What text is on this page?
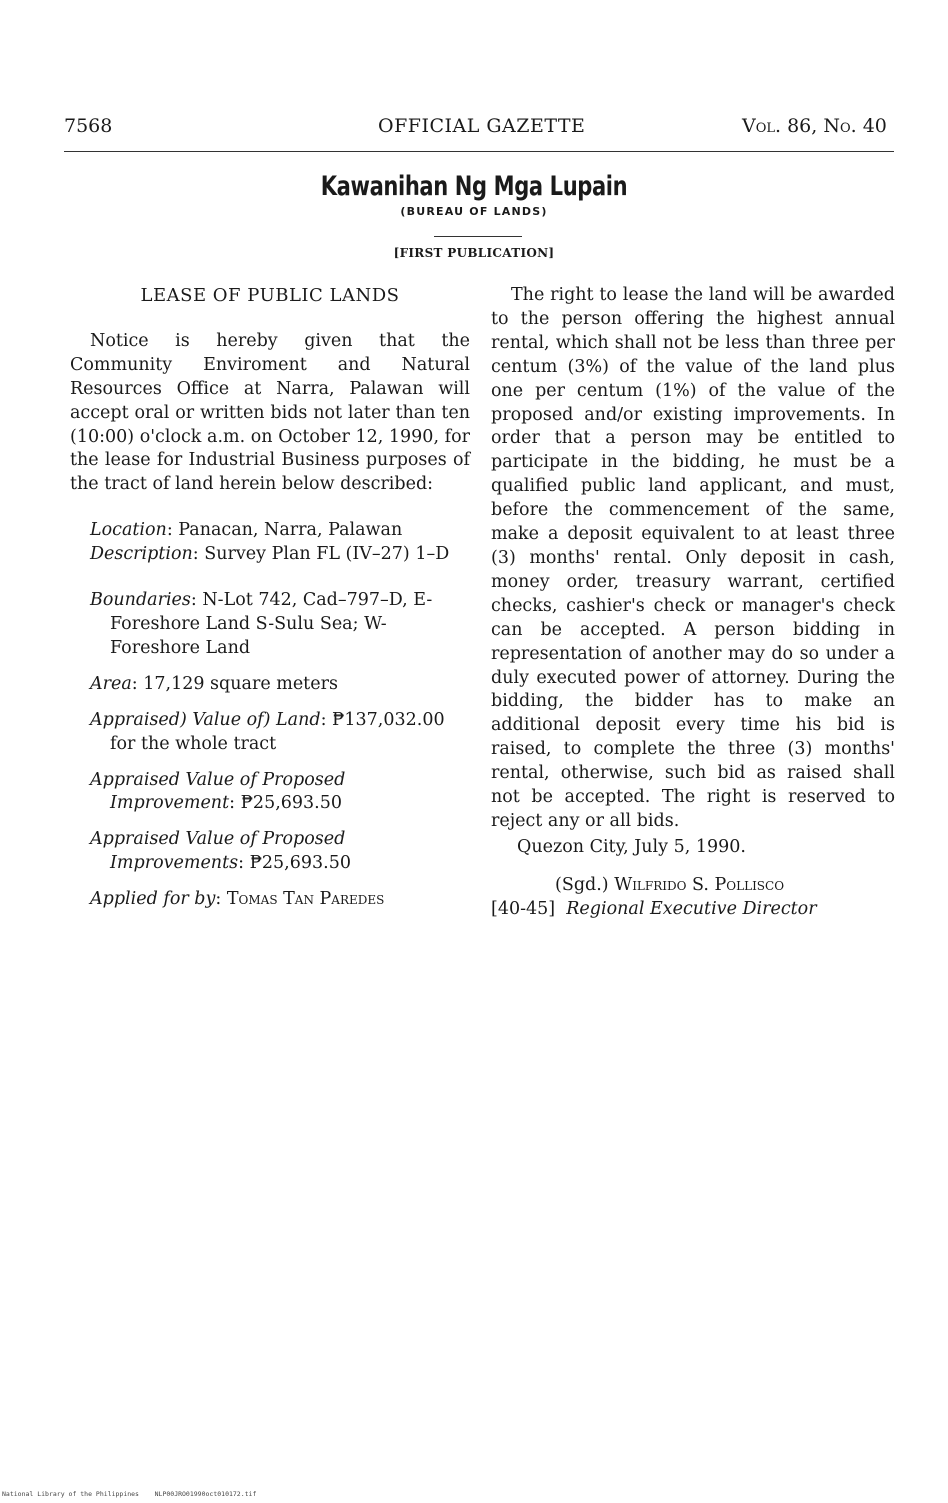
7568	OFFICIAL GAZETTE	Vol. 86, No. 40
Kawanihan Ng Mga Lupain
(BUREAU OF LANDS)
[FIRST PUBLICATION]
LEASE OF PUBLIC LANDS

Notice is hereby given that the Community Enviroment and Natural Resources Office at Narra, Palawan will accept oral or written bids not later than ten (10:00) o'clock a.m. on October 12, 1990, for the lease for Industrial Business purposes of the tract of land herein below described:

Location: Panacan, Narra, Palawan

Description: Survey Plan FL (IV–27) 1–D

Boundaries: N-Lot 742, Cad–797–D, E-Foreshore Land S-Sulu Sea; W-Foreshore Land

Area: 17,129 square meters

Appraised) Value of) Land: ₱137,032.00 for the whole tract

Appraised Value of Proposed Improvement: ₱25,693.50

Appraised Value of Proposed Improvements: ₱25,693.50

Applied for by: Tomas Tan Paredes

The right to lease the land will be awarded to the person offering the highest annual rental, which shall not be less than three per centum (3%) of the value of the land plus one per centum (1%) of the value of the proposed and/or existing improvements. In order that a person may be entitled to participate in the bidding, he must be a qualified public land applicant, and must, before the commencement of the same, make a deposit equivalent to at least three (3) months' rental. Only deposit in cash, money order, treasury warrant, certified checks, cashier's check or manager's check can be accepted. A person bidding in representation of another may do so under a duly executed power of attorney. During the bidding, the bidder has to make an additional deposit every time his bid is raised, to complete the three (3) months' rental, otherwise, such bid as raised shall not be accepted. The right is reserved to reject any or all bids.

Quezon City, July 5, 1990.

(Sgd.) Wilfrido S. Pollisco

[40-45] Regional Executive Director

National Library of the Philippines NLP00JRO01990oct010172.tif
